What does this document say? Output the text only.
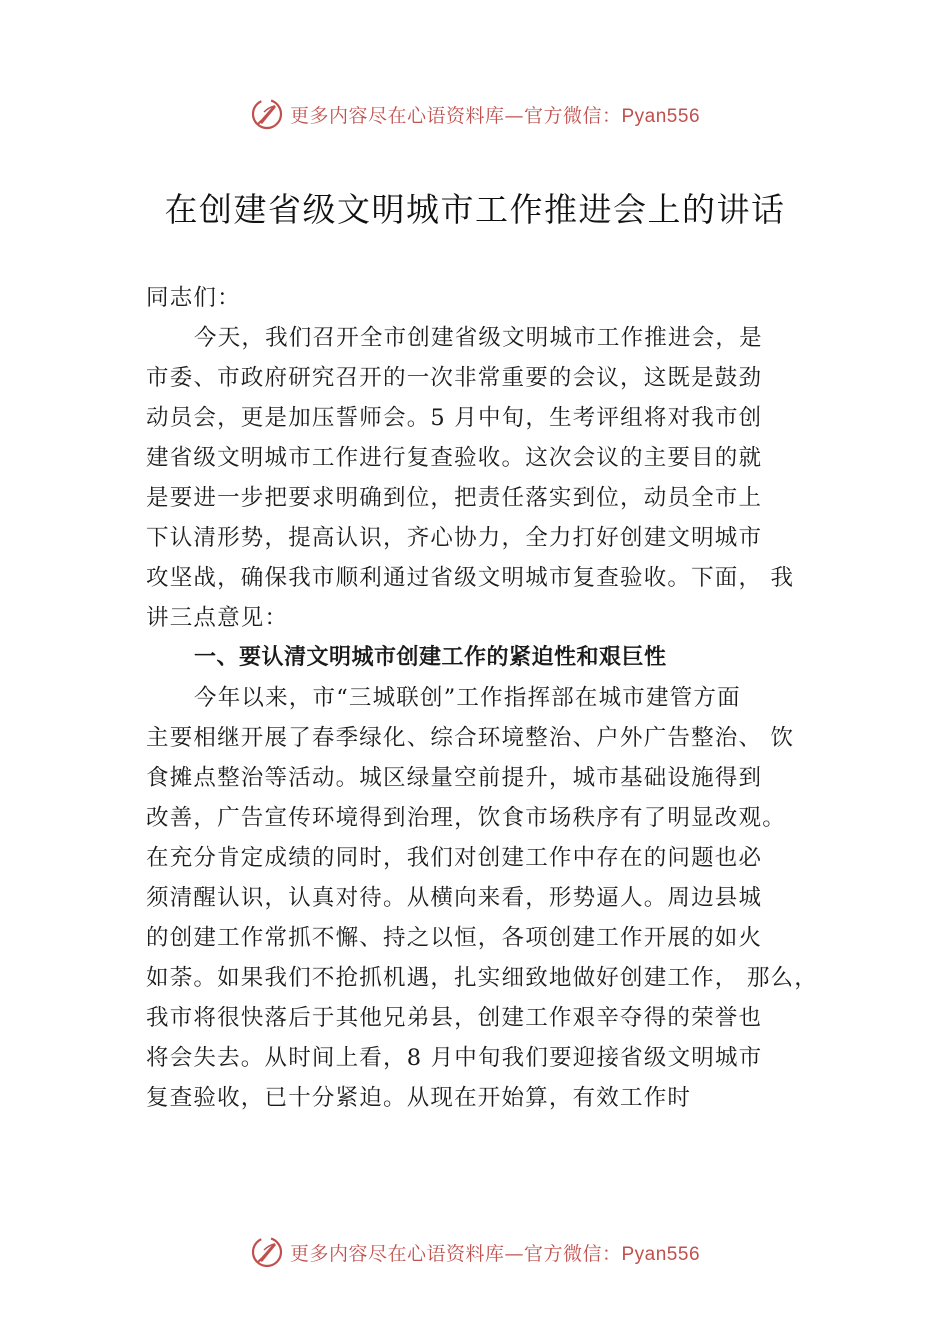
更多内容尽在心语资料库—官方微信：Pyan556
在创建省级文明城市工作推进会上的讲话
同志们：
今天，我们召开全市创建省级文明城市工作推进会，是
市委、市政府研究召开的一次非常重要的会议，这既是鼓劲
动员会，更是加压誓师会。5 月中旬，生考评组将对我市创
建省级文明城市工作进行复查验收。这次会议的主要目的就
是要进一步把要求明确到位，把责任落实到位，动员全市上
下认清形势，提高认识，齐心协力，全力打好创建文明城市
攻坚战，确保我市顺利通过省级文明城市复查验收。下面， 我
讲三点意见：
一、要认清文明城市创建工作的紧迫性和艰巨性
今年以来，市“三城联创”工作指挥部在城市建管方面
主要相继开展了春季绿化、综合环境整治、户外广告整治、 饮
食摊点整治等活动。城区绿量空前提升，城市基础设施得到
改善，广告宣传环境得到治理，饮食市场秩序有了明显改观。
在充分肯定成绩的同时，我们对创建工作中存在的问题也必
须清醒认识，认真对待。从横向来看，形势逼人。周边县城
的创建工作常抓不懈、持之以恒，各项创建工作开展的如火
如荼。如果我们不抢抓机遇，扎实细致地做好创建工作， 那么，
我市将很快落后于其他兄弟县，创建工作艰辛夺得的荣誉也
将会失去。从时间上看，8 月中旬我们要迎接省级文明城市
复查验收，已十分紧迫。从现在开始算，有效工作时
更多内容尽在心语资料库—官方微信：Pyan556
